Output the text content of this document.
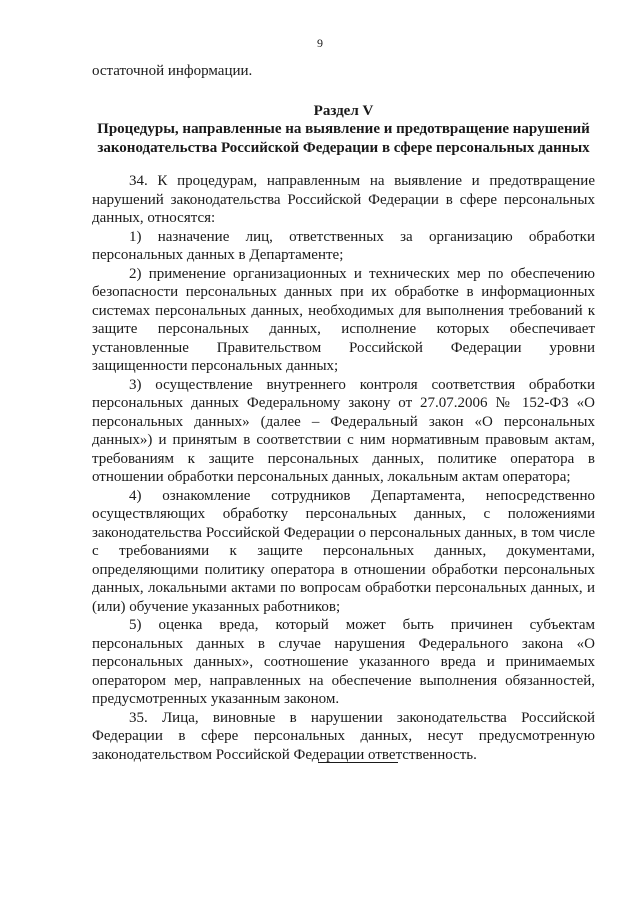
9

остаточной информации.

Раздел V

Процедуры, направленные на выявление и предотвращение нарушений законодательства Российской Федерации в сфере персональных данных

34. К процедурам, направленным на выявление и предотвращение нарушений законодательства Российской Федерации в сфере персональных данных, относятся:

1) назначение лиц, ответственных за организацию обработки персональных данных в Департаменте;

2) применение организационных и технических мер по обеспечению безопасности персональных данных при их обработке в информационных системах персональных данных, необходимых для выполнения требований к защите персональных данных, исполнение которых обеспечивает установленные Правительством Российской Федерации уровни защищенности персональных данных;

3) осуществление внутреннего контроля соответствия обработки персональных данных Федеральному закону от 27.07.2006 № 152-ФЗ «О персональных данных» (далее – Федеральный закон «О персональных данных») и принятым в соответствии с ним нормативным правовым актам, требованиям к защите персональных данных, политике оператора в отношении обработки персональных данных, локальным актам оператора;

4) ознакомление сотрудников Департамента, непосредственно осуществляющих обработку персональных данных, с положениями законодательства Российской Федерации о персональных данных, в том числе с требованиями к защите персональных данных, документами, определяющими политику оператора в отношении обработки персональных данных, локальными актами по вопросам обработки персональных данных, и (или) обучение указанных работников;

5) оценка вреда, который может быть причинен субъектам персональных данных в случае нарушения Федерального закона «О персональных данных», соотношение указанного вреда и принимаемых оператором мер, направленных на обеспечение выполнения обязанностей, предусмотренных указанным законом.

35. Лица, виновные в нарушении законодательства Российской Федерации в сфере персональных данных, несут предусмотренную законодательством Российской Федерации ответственность.
